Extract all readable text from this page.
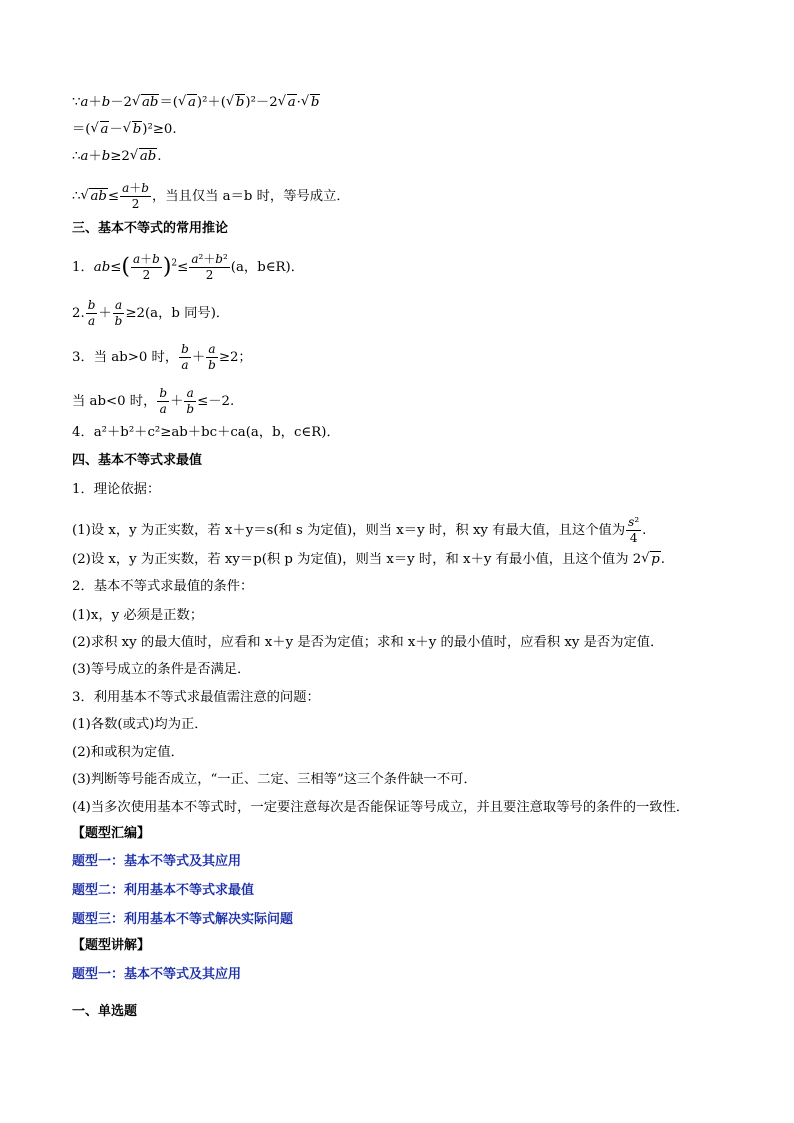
∵a＋b－2 √ ab＝( √ a)²＋( √ b)²－2 √ a· √ b
＝( √ a－ √ b)²≥0.
∴a＋b≥2 √ ab.
∴ √ $ab\le \frac{a+b}{2}$ ，当且仅当 a＝b 时，等号成立．
三、基本不等式的常用推论
1．$ab\le( \frac{a+b}{2} )^2\le \frac{\text{a²＋b²}}{2} (a$，b∈R)．
2. $\frac{b}{a} + \frac{a}{b} \ge 2(a$，b 同号)．
3．当 ab>0 时， $\frac{b}{a} + \frac{a}{b} \ge 2$；
当 ab<0 时， $\frac{b}{a} + \frac{a}{b} \le-2$.
4．a²＋b²＋c²≥ab＋bc＋ca(a，b，c∈R)．
四、基本不等式求最值
1．理论依据：
(1)设 x，y 为正实数，若 x＋y＝s(和 s 为定值)，则当 x＝y 时，积 xy 有最大值，且这个值为 $\frac{\text{s²}}{4}$ .
(2)设 x，y 为正实数，若 xy＝p(积 p 为定值)，则当 x＝y 时，和 x＋y 有最小值，且这个值为 2 √ p.
2．基本不等式求最值的条件：
(1)x，y 必须是正数；
(2)求积 xy 的最大值时，应看和 x＋y 是否为定值；求和 x＋y 的最小值时，应看积 xy 是否为定值．
(3)等号成立的条件是否满足．
3．利用基本不等式求最值需注意的问题：
(1)各数(或式)均为正．
(2)和或积为定值．
(3)判断等号能否成立，“一正、二定、三相等”这三个条件缺一不可．
(4)当多次使用基本不等式时，一定要注意每次是否能保证等号成立，并且要注意取等号的条件的一致性．
【题型汇编】
题型一：基本不等式及其应用
题型二：利用基本不等式求最值
题型三：利用基本不等式解决实际问题
【题型讲解】
题型一：基本不等式及其应用
一、单选题
